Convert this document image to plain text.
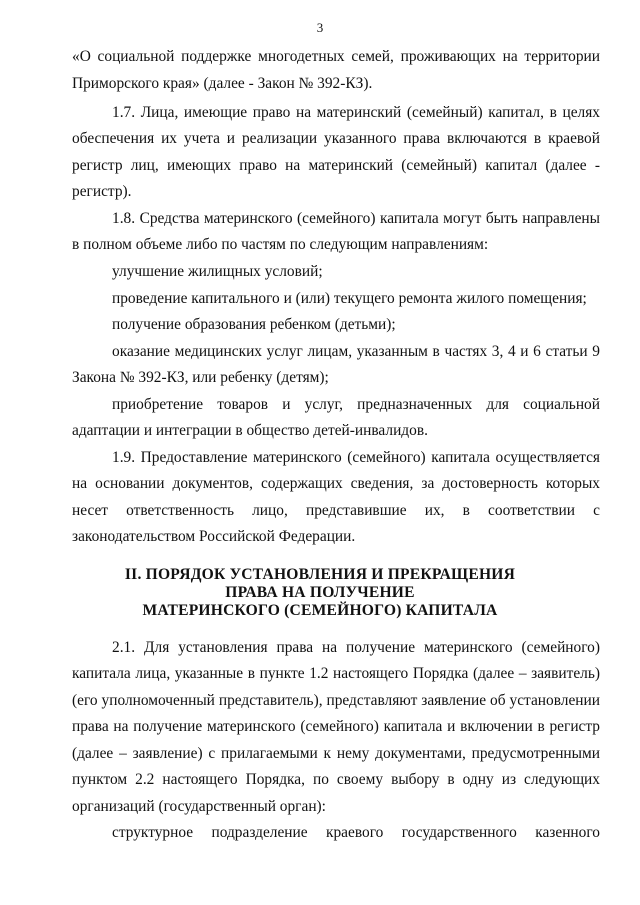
3
«О социальной поддержке многодетных семей, проживающих на территории
Приморского края» (далее - Закон № 392-КЗ).
1.7. Лица, имеющие право на материнский (семейный) капитал, в целях
обеспечения их учета и реализации указанного права включаются в краевой
регистр лиц, имеющих право на материнский (семейный) капитал (далее -
регистр).
1.8. Средства материнского (семейного) капитала могут быть направлены
в полном объеме либо по частям по следующим направлениям:
улучшение жилищных условий;
проведение капитального и (или) текущего ремонта жилого помещения;
получение образования ребенком (детьми);
оказание медицинских услуг лицам, указанным в частях 3, 4 и 6 статьи 9
Закона № 392-КЗ, или ребенку (детям);
приобретение товаров и услуг, предназначенных для социальной
адаптации и интеграции в общество детей-инвалидов.
1.9. Предоставление материнского (семейного) капитала осуществляется
на основании документов, содержащих сведения, за достоверность которых
несет ответственность лицо, представившие их, в соответствии с
законодательством Российской Федерации.
II. ПОРЯДОК УСТАНОВЛЕНИЯ И ПРЕКРАЩЕНИЯ
ПРАВА НА ПОЛУЧЕНИЕ
МАТЕРИНСКОГО (СЕМЕЙНОГО) КАПИТАЛА
2.1. Для установления права на получение материнского (семейного)
капитала лица, указанные в пункте 1.2 настоящего Порядка (далее – заявитель)
(его уполномоченный представитель), представляют заявление об установлении
права на получение материнского (семейного) капитала и включении в регистр
(далее – заявление) с прилагаемыми к нему документами, предусмотренными
пунктом 2.2 настоящего Порядка, по своему выбору в одну из следующих
организаций (государственный орган):
структурное подразделение краевого государственного казенного
